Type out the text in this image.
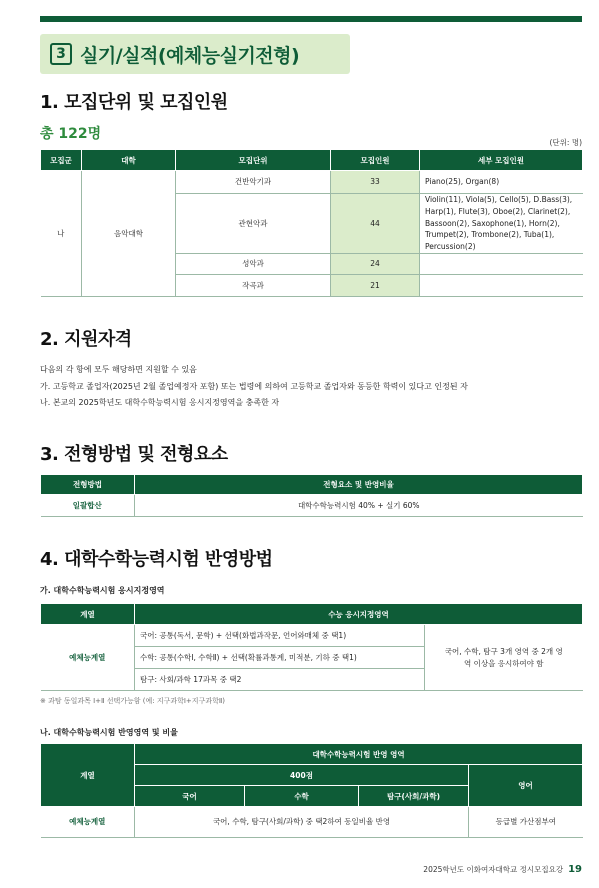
3 실기/실적(예체능실기전형)
1. 모집단위 및 모집인원
총 122명
(단위: 명)
모집군	대학	모집단위	모집인원	세부 모집인원
나	음악대학	건반악기과	33	Piano(25), Organ(8)
		관현악과	44	Violin(11), Viola(5), Cello(5), D.Bass(3), Harp(1), Flute(3), Oboe(2), Clarinet(2), Bassoon(2), Saxophone(1), Horn(2), Trumpet(2), Trombone(2), Tuba(1), Percussion(2)
		성악과	24	
		작곡과	21	
2. 지원자격
다음의 각 항에 모두 해당하면 지원할 수 있음
가. 고등학교 졸업자(2025년 2월 졸업예정자 포함) 또는 법령에 의하여 고등학교 졸업자와 동등한 학력이 있다고 인정된 자
나. 본교의 2025학년도 대학수학능력시험 응시지정영역을 충족한 자
3. 전형방법 및 전형요소
전형방법	전형요소 및 반영비율
일괄합산	대학수학능력시험 40% + 실기 60%
4. 대학수학능력시험 반영방법
가. 대학수학능력시험 응시지정영역
계열	수능 응시지정영역	
예체능계열	국어: 공통(독서, 문학) + 선택(화법과작문, 언어와매체 중 택1)	국어, 수학, 탐구 3개 영역 중 2개 영역 이상을 응시하여야 함
	수학: 공통(수학Ⅰ, 수학Ⅱ) + 선택(확률과통계, 미적분, 기하 중 택1)	
	탐구: 사회/과학 17과목 중 택2	
※ 과탐 동일과목 Ⅰ+Ⅱ 선택가능함 (예: 지구과학Ⅰ+지구과학Ⅱ)
나. 대학수학능력시험 반영영역 및 비율
계열	대학수학능력시험 반영 영역			
	400점			영어
	국어	수학	탐구(사회/과학)	
예체능계열	국어, 수학, 탐구(사회/과학) 중 택2하여 동일비율 반영			등급별 가산점부여
2025학년도 이화여자대학교 정시모집요강 19
